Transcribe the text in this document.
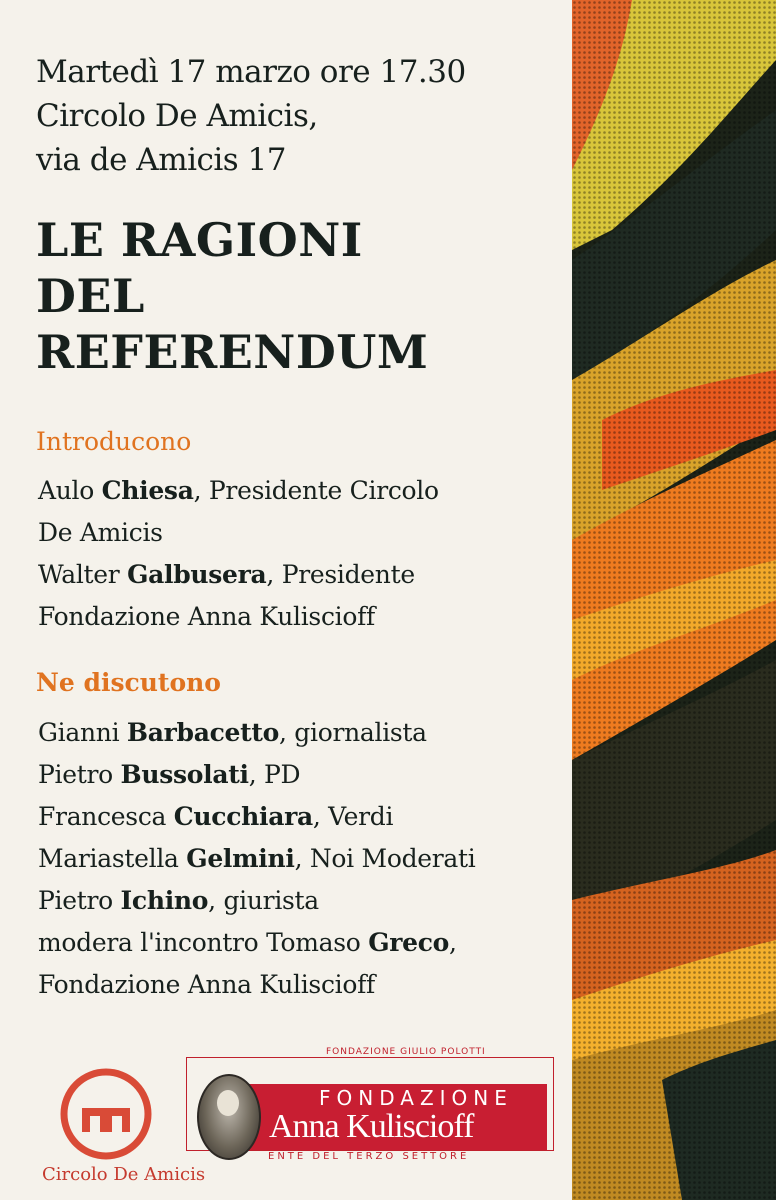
Martedì 17 marzo ore 17.30
Circolo De Amicis,
via de Amicis 17
LE RAGIONI
DEL
REFERENDUM
Introducono
Aulo Chiesa, Presidente Circolo
De Amicis
Walter Galbusera, Presidente
Fondazione Anna Kuliscioff
Ne discutono
Gianni Barbacetto, giornalista
Pietro Bussolati, PD
Francesca Cucchiara, Verdi
Mariastella Gelmini, Noi Moderati
Pietro Ichino, giurista
modera l'incontro Tomaso Greco,
Fondazione Anna Kuliscioff
Circolo De Amicis
FONDAZIONE GIULIO POLOTTI
FONDAZIONE
Anna Kuliscioff
ENTE DEL TERZO SETTORE
